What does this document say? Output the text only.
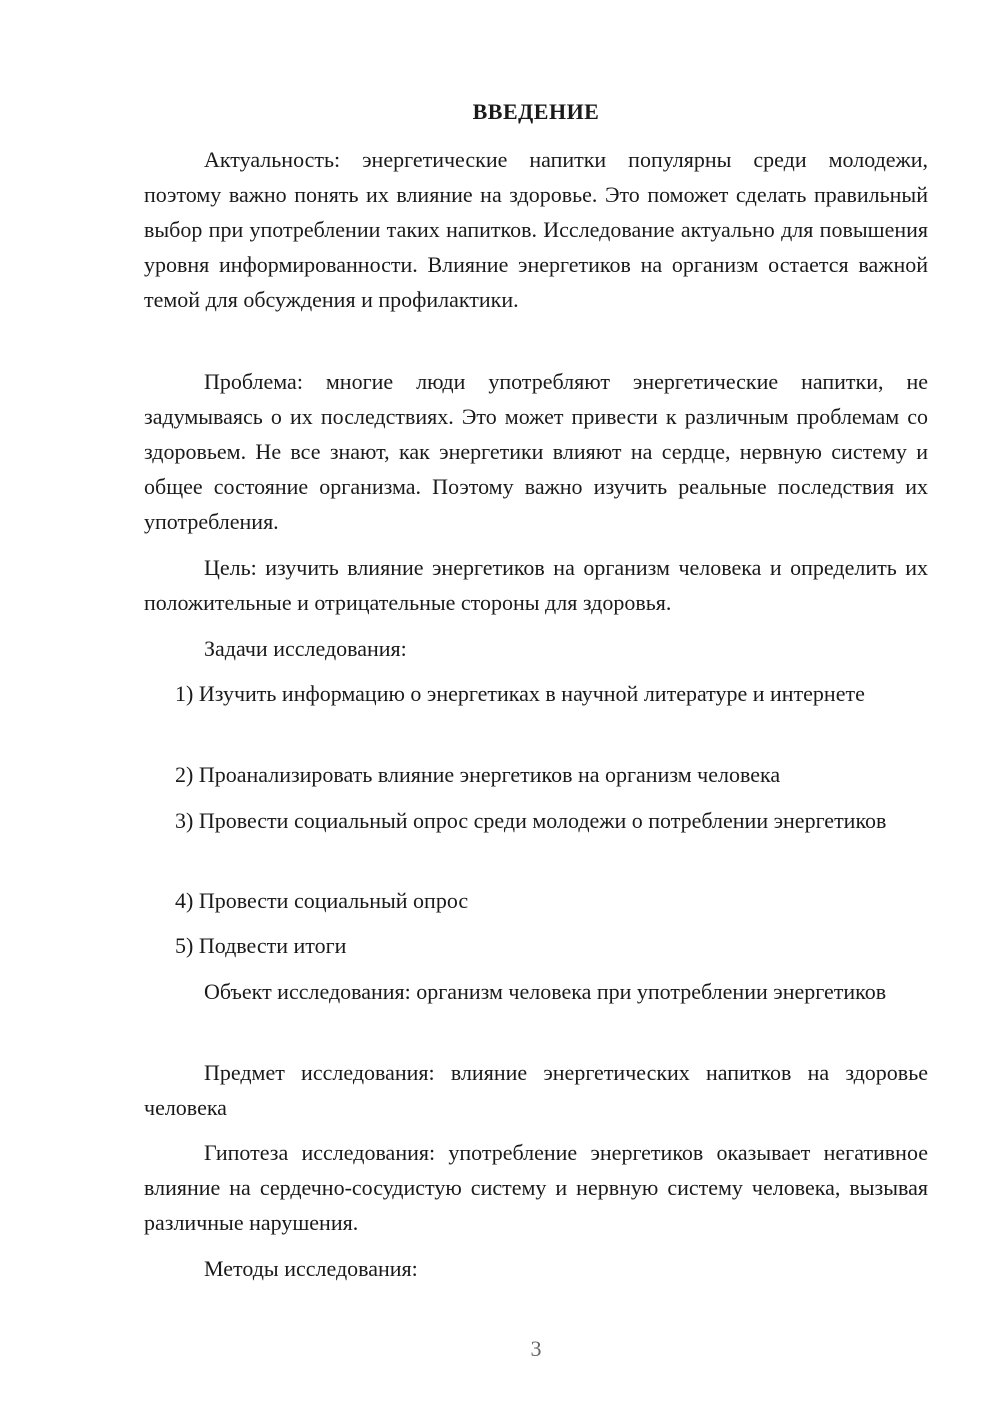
ВВЕДЕНИЕ

Актуальность: энергетические напитки популярны среди молодежи, поэтому важно понять их влияние на здоровье. Это поможет сделать правильный выбор при употреблении таких напитков. Исследование актуально для повышения уровня информированности. Влияние энергетиков на организм остается важной темой для обсуждения и профилактики.

Проблема: многие люди употребляют энергетические напитки, не задумываясь о их последствиях. Это может привести к различным проблемам со здоровьем. Не все знают, как энергетики влияют на сердце, нервную систему и общее состояние организма. Поэтому важно изучить реальные последствия их употребления.

Цель: изучить влияние энергетиков на организм человека и определить их положительные и отрицательные стороны для здоровья.

Задачи исследования:

1) Изучить информацию о энергетиках в научной литературе и интернете

2) Проанализировать влияние энергетиков на организм человека

3) Провести социальный опрос среди молодежи о потреблении энергетиков

4) Провести социальный опрос

5) Подвести итоги

Объект исследования: организм человека при употреблении энергетиков

Предмет исследования: влияние энергетических напитков на здоровье человека

Гипотеза исследования: употребление энергетиков оказывает негативное влияние на сердечно-сосудистую систему и нервную систему человека, вызывая различные нарушения.

Методы исследования:

3
